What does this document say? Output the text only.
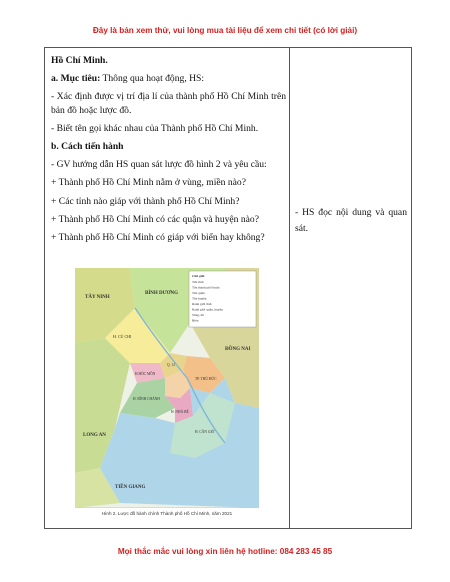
Đây là bản xem thử, vui lòng mua tài liệu để xem chi tiết (có lời giải)

Hồ Chí Minh.

a. Mục tiêu: Thông qua hoạt động, HS:

- Xác định được vị trí địa lí của thành phố Hồ Chí Minh trên bản đồ hoặc lược đồ.

- Biết tên gọi khác nhau của Thành phố Hồ Chí Minh.

b. Cách tiến hành

- GV hướng dẫn HS quan sát lược đồ hình 2 và yêu cầu:

+ Thành phố Hồ Chí Minh nằm ở vùng, miền nào?

+ Các tỉnh nào giáp với thành phố Hồ Chí Minh?

+ Thành phố Hồ Chí Minh có các quận và huyện nào?

+ Thành phố Hồ Chí Minh có giáp với biển hay không?

- HS đọc nội dung và quan sát.
TÂY NINH
BÌNH DƯƠNG
ĐỒNG NAI
LONG AN
TIỀN GIANG
H. CỦ CHI
H.HÓC MÔN
Q. 12
TP. THỦ ĐỨC
H. BÌNH CHÁNH
H. NHÀ BÈ
H. CẦN GIỜ
Chú giải
Tên tỉnh
Tên thành phố thuộc
Tên quận
Tên huyện
Ranh giới tỉnh
Ranh giới quận, huyện
Sông, hồ
Biển
Hình 2. Lược đồ hành chính Thành phố Hồ Chí Minh, năm 2021
Mọi thắc mắc vui lòng xin liên hệ hotline: 084 283 45 85
